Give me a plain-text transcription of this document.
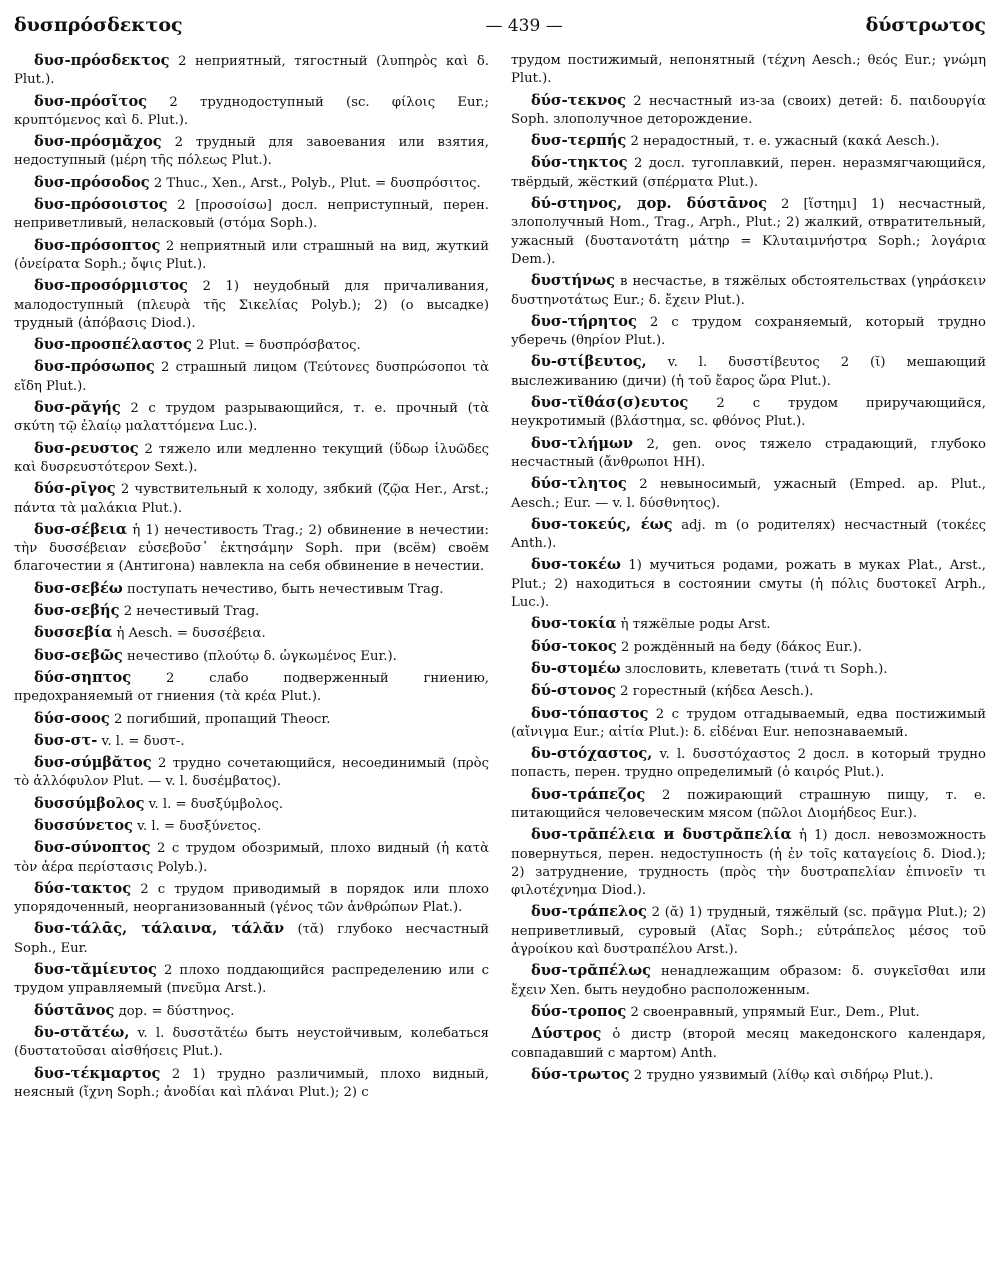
δυσπρόσδεκτος	— 439 —	δύστρωτος

δυσ-πρόσδεκτος 2 неприятный, тягостный (λυπηρὸς καὶ δ. Plut.).

δυσ-πρόσῖτος 2 труднодоступный (sc. φίλοις Eur.; κρυπτόμενος καὶ δ. Plut.).

δυσ-πρόσμᾰχος 2 трудный для завоевания или взятия, недоступный (μέρη τῆς πόλεως Plut.).

δυσ-πρόσοδος 2 Thuc., Xen., Arst., Polyb., Plut. = δυσπρόσιτος.

δυσ-πρόσοιστος 2 [προσοίσω] досл. неприступный, перен. неприветливый, неласковый (στόμα Soph.).

δυσ-πρόσοπτος 2 неприятный или страшный на вид, жуткий (ὀνείρατα Soph.; ὄψις Plut.).

δυσ-προσόρμιστος 2 1) неудобный для причаливания, малодоступный (πλευρὰ τῆς Σικελίας Polyb.); 2) (о высадке) трудный (ἀπόβασις Diod.).

δυσ-προσπέλαστος 2 Plut. = δυσπρόσβατος.

δυσ-πρόσωπος 2 страшный лицом (Τεύτονες δυσπρώσοποι τὰ εἴδη Plut.).

δυσ-ρᾰγής 2 с трудом разрывающийся, т. е. прочный (τὰ σκύτη τῷ ἐλαίῳ μαλαττόμενα Luc.).

δυσ-ρευστος 2 тяжело или медленно текущий (ὕδωρ ἰλυῶδες καὶ δυσρευστότερον Sext.).

δύσ-ρῑγος 2 чувствительный к холоду, зябкий (ζῷα Her., Arst.; πάντα τὰ μαλάκια Plut.).

δυσ-σέβεια ἡ 1) нечестивость Trag.; 2) обвинение в нечестии: τὴν δυσσέβειαν εὐσεβοῦσ᾽ ἐκτησάμην Soph. при (всём) своём благочестии я (Антигона) навлекла на себя обвинение в нечестии.

δυσ-σεβέω поступать нечестиво, быть нечестивым Trag.

δυσ-σεβής 2 нечестивый Trag.

δυσσεβία ἡ Aesch. = δυσσέβεια.

δυσ-σεβῶς нечестиво (πλούτῳ δ. ὠγκωμένος Eur.).

δύσ-σηπτος 2 слабо подверженный гниению, предохраняемый от гниения (τὰ κρέα Plut.).

δύσ-σοος 2 погибший, пропащий Theocr.

δυσ-στ- v. l. = δυστ-.

δυσ-σύμβᾰτος 2 трудно сочетающийся, несоединимый (πρὸς τὸ ἀλλόφυλον Plut. — v. l. δυσέμβατος).

δυσσύμβολος v. l. = δυσξύμβολος.

δυσσύνετος v. l. = δυσξύνετος.

δυσ-σύνοπτος 2 с трудом обозримый, плохо видный (ἡ κατὰ τὸν ἀέρα περίστασις Polyb.).

δύσ-τακτος 2 с трудом приводимый в порядок или плохо упорядоченный, неорганизованный (γένος τῶν ἀνθρώπων Plat.).

δυσ-τάλᾱς, τάλαινα, τάλᾰν (τᾰ) глубоко несчастный Soph., Eur.

δυσ-τᾰμίευτος 2 плохо поддающийся распределению или с трудом управляемый (πνεῦμα Arst.).

δύστᾱνος дор. = δύστηνος.

δυ-στᾰτέω, v. l. δυσστᾰτέω быть неустойчивым, колебаться (δυστατοῦσαι αἰσθήσεις Plut.).

δυσ-τέκμαρτος 2 1) трудно различимый, плохо видный, неясный (ἴχνη Soph.; ἀνοδίαι καὶ πλάναι Plut.); 2) с

трудом постижимый, непонятный (τέχνη Aesch.; θεός Eur.; γνώμη Plut.).

δύσ-τεκνος 2 несчастный из-за (своих) детей: δ. παιδουργία Soph. злополучное деторождение.

δυσ-τερπής 2 нерадостный, т. е. ужасный (κακά Aesch.).

δύσ-τηκτος 2 досл. тугоплавкий, перен. неразмягчающийся, твёрдый, жёсткий (σπέρματα Plut.).

δύ-στηνος, дор. δύστᾱνος 2 [ἵστημι] 1) несчастный, злополучный Hom., Trag., Arph., Plut.; 2) жалкий, отвратительный, ужасный (δυστανοτάτη μάτηρ = Κλυταιμνήστρα Soph.; λογάρια Dem.).

δυστήνως в несчастье, в тяжёлых обстоятельствах (γηράσκειν δυστηνοτάτως Eur.; δ. ἔχειν Plut.).

δυσ-τήρητος 2 с трудом сохраняемый, который трудно уберечь (θηρίον Plut.).

δυ-στίβευτος, v. l. δυσστίβευτος 2 (ῐ) мешающий выслеживанию (дичи) (ἡ τοῦ ἔαρος ὥρα Plut.).

δυσ-τῐθάσ(σ)ευτος 2 с трудом приручающийся, неукротимый (βλάστημα, sc. φθόνος Plut.).

δυσ-τλήμων 2, gen. ονος тяжело страдающий, глубоко несчастный (ἄνθρωποι HH).

δύσ-τλητος 2 невыносимый, ужасный (Emped. ap. Plut., Aesch.; Eur. — v. l. δύσθνητος).

δυσ-τοκεύς, έως adj. m (о родителях) несчастный (τοκέες Anth.).

δυσ-τοκέω 1) мучиться родами, рожать в муках Plat., Arst., Plut.; 2) находиться в состоянии смуты (ἡ πόλις δυστοκεῖ Arph., Luc.).

δυσ-τοκία ἡ тяжёлые роды Arst.

δύσ-τοκος 2 рождённый на беду (δάκος Eur.).

δυ-στομέω злословить, клеветать (τινά τι Soph.).

δύ-στονος 2 горестный (κήδεα Aesch.).

δυσ-τόπαστος 2 с трудом отгадываемый, едва постижимый (αἴνιγμα Eur.; αἰτία Plut.): δ. εἰδέναι Eur. непознаваемый.

δυ-στόχαστος, v. l. δυσστόχαστος 2 досл. в который трудно попасть, перен. трудно определимый (ὁ καιρός Plut.).

δυσ-τράπεζος 2 пожирающий страшную пищу, т. е. питающийся человеческим мясом (πῶλοι Διομήδεος Eur.).

δυσ-τρᾰπέλεια и δυστρᾰπελία ἡ 1) досл. невозможность повернуться, перен. недоступность (ἡ ἐν τοῖς καταγείοις δ. Diod.); 2) затруднение, трудность (πρὸς τὴν δυστραπελίαν ἐπινοεῖν τι φιλοτέχνημα Diod.).

δυσ-τράπελος 2 (ᾰ) 1) трудный, тяжёлый (sc. πρᾶγμα Plut.); 2) неприветливый, суровый (Αἴας Soph.; εὐτράπελος μέσος τοῦ ἀγροίκου καὶ δυστραπέλου Arst.).

δυσ-τρᾰπέλως ненадлежащим образом: δ. συγκεῖσθαι или ἔχειν Xen. быть неудобно расположенным.

δύσ-τροπος 2 своенравный, упрямый Eur., Dem., Plut.

Δύστρος ὁ дистр (второй месяц македонского календаря, совпадавший с мартом) Anth.

δύσ-τρωτος 2 трудно уязвимый (λίθῳ καὶ σιδήρῳ Plut.).
